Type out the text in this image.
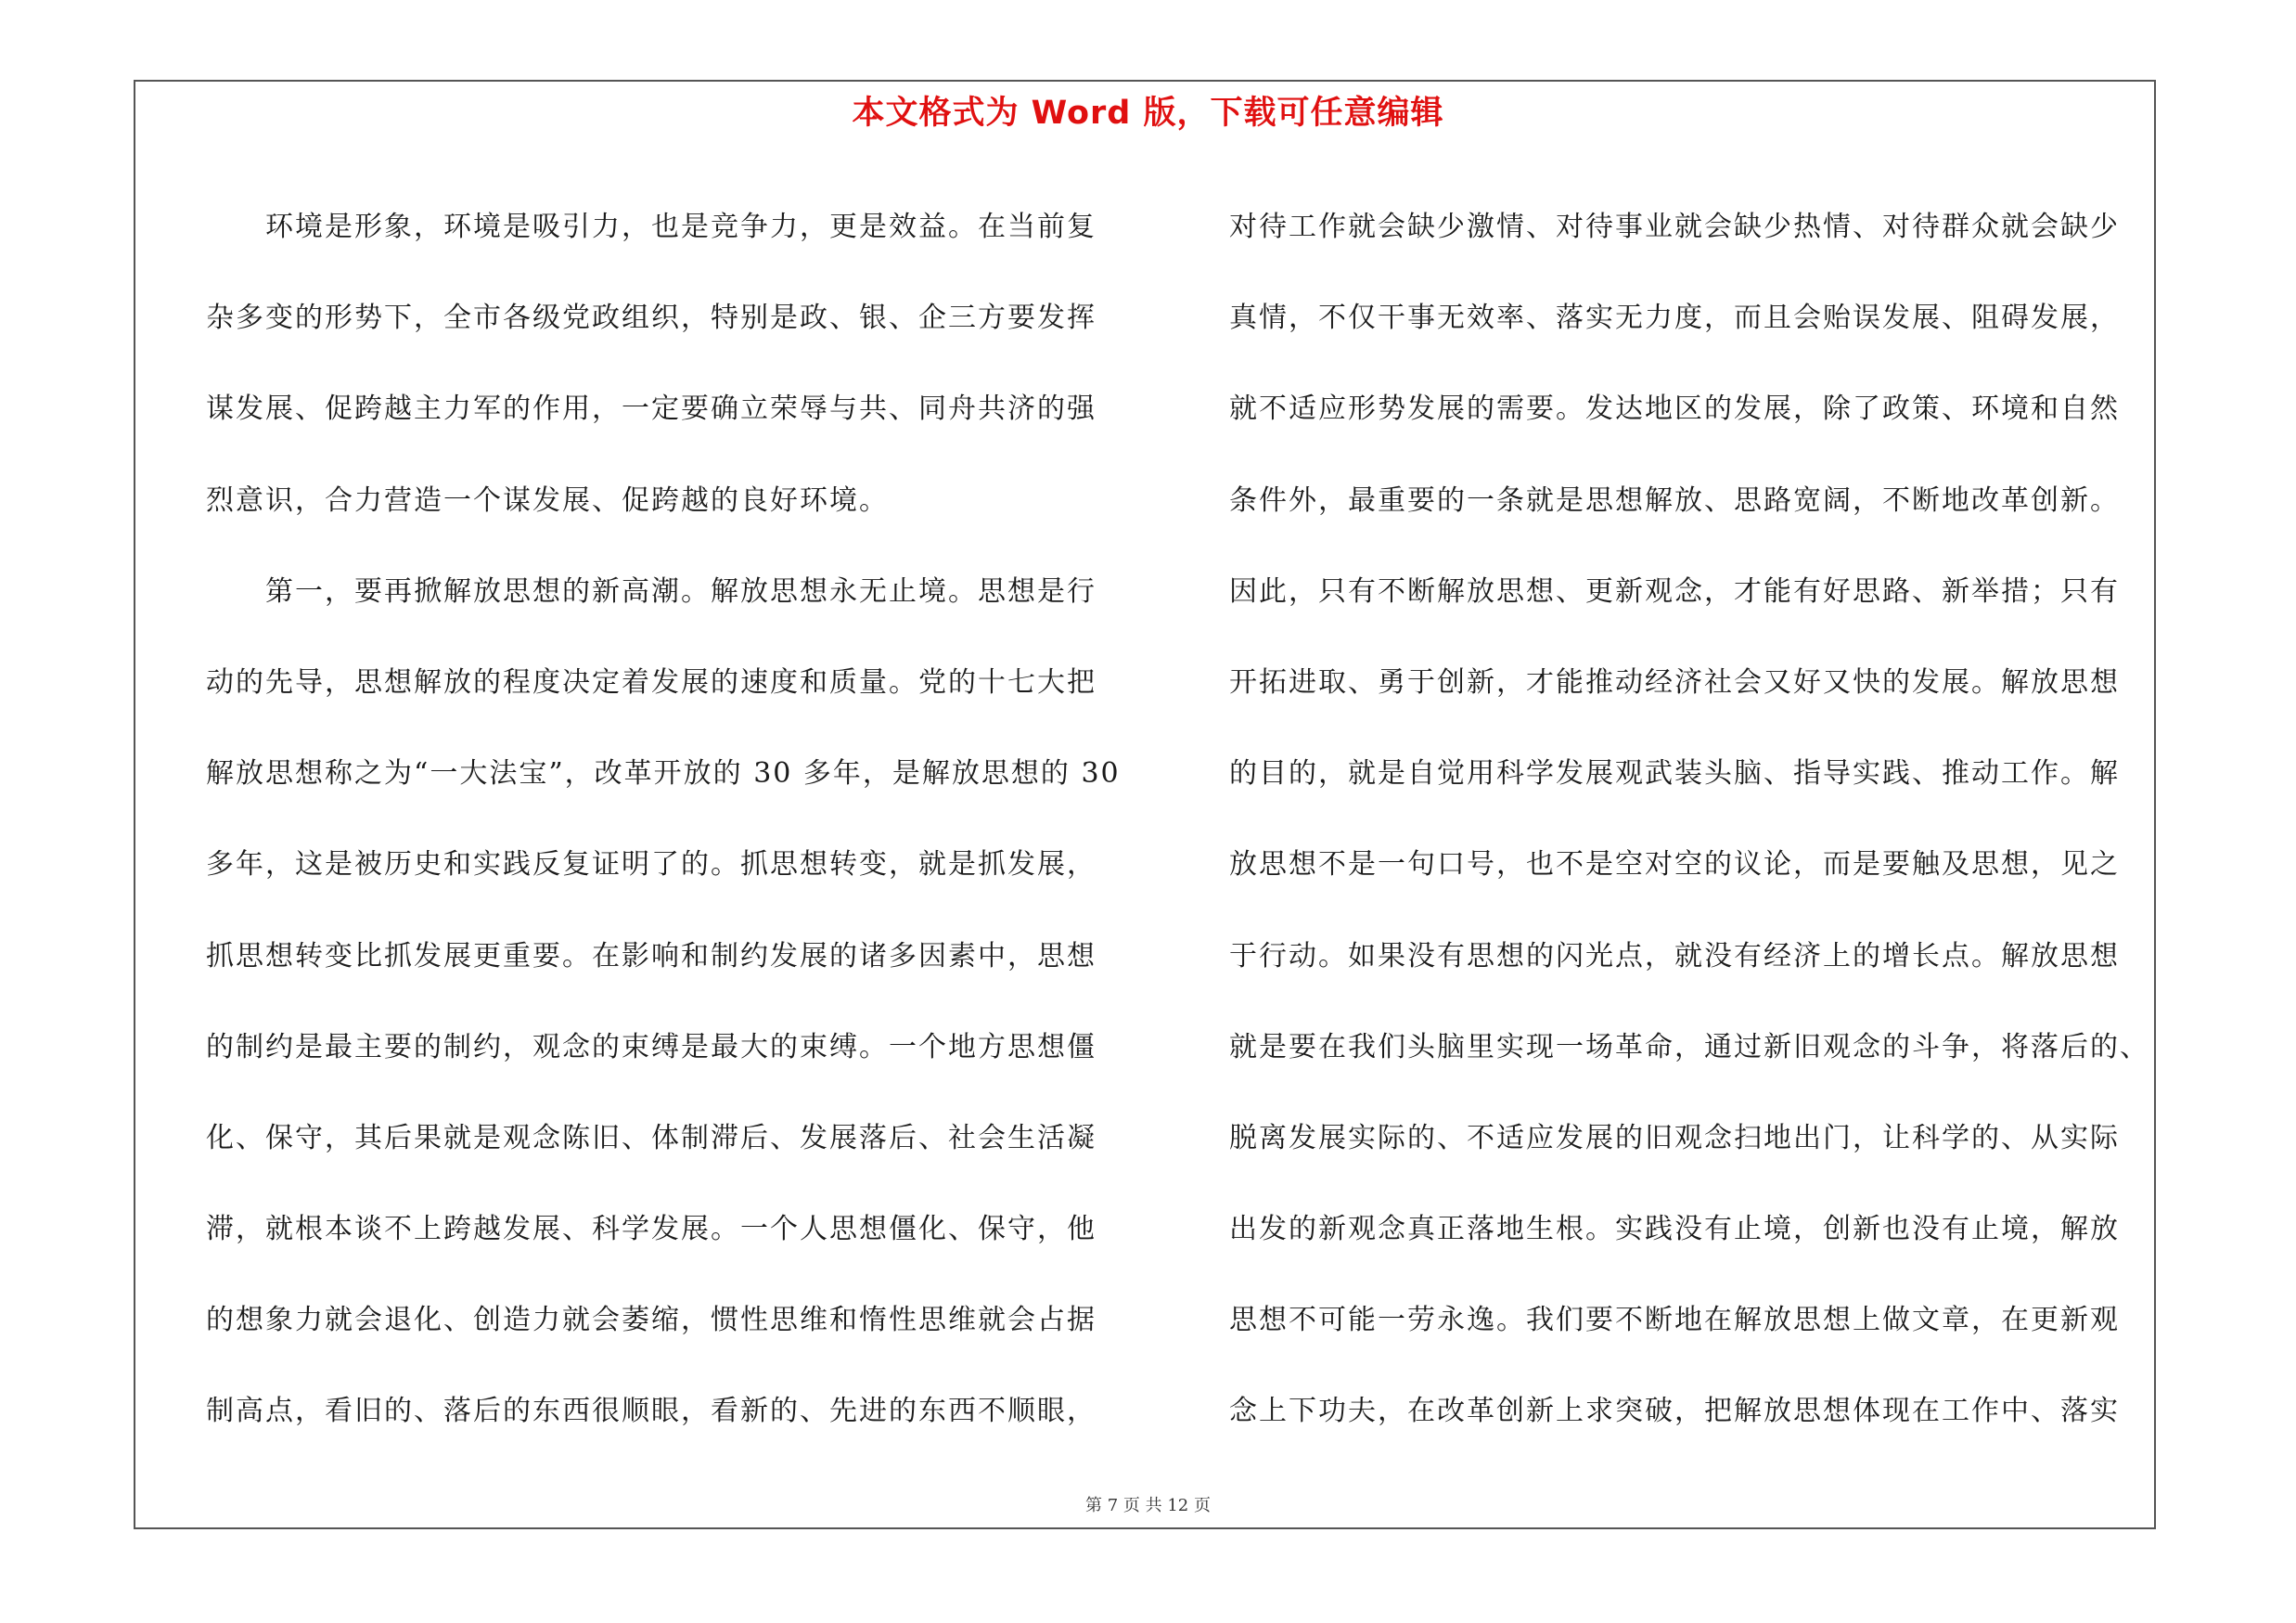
本文格式为 Word 版，下载可任意编辑
　　环境是形象，环境是吸引力，也是竞争力，更是效益。在当前复
杂多变的形势下，全市各级党政组织，特别是政、银、企三方要发挥
谋发展、促跨越主力军的作用，一定要确立荣辱与共、同舟共济的强
烈意识，合力营造一个谋发展、促跨越的良好环境。
　　第一，要再掀解放思想的新高潮。解放思想永无止境。思想是行
动的先导，思想解放的程度决定着发展的速度和质量。党的十七大把
解放思想称之为“一大法宝”，改革开放的 30 多年，是解放思想的 30
多年，这是被历史和实践反复证明了的。抓思想转变，就是抓发展，
抓思想转变比抓发展更重要。在影响和制约发展的诸多因素中，思想
的制约是最主要的制约，观念的束缚是最大的束缚。一个地方思想僵
化、保守，其后果就是观念陈旧、体制滞后、发展落后、社会生活凝
滞，就根本谈不上跨越发展、科学发展。一个人思想僵化、保守，他
的想象力就会退化、创造力就会萎缩，惯性思维和惰性思维就会占据
制高点，看旧的、落后的东西很顺眼，看新的、先进的东西不顺眼，
对待工作就会缺少激情、对待事业就会缺少热情、对待群众就会缺少
真情，不仅干事无效率、落实无力度，而且会贻误发展、阻碍发展，
就不适应形势发展的需要。发达地区的发展，除了政策、环境和自然
条件外，最重要的一条就是思想解放、思路宽阔，不断地改革创新。
因此，只有不断解放思想、更新观念，才能有好思路、新举措；只有
开拓进取、勇于创新，才能推动经济社会又好又快的发展。解放思想
的目的，就是自觉用科学发展观武装头脑、指导实践、推动工作。解
放思想不是一句口号，也不是空对空的议论，而是要触及思想，见之
于行动。如果没有思想的闪光点，就没有经济上的增长点。解放思想
就是要在我们头脑里实现一场革命，通过新旧观念的斗争，将落后的、
脱离发展实际的、不适应发展的旧观念扫地出门，让科学的、从实际
出发的新观念真正落地生根。实践没有止境，创新也没有止境，解放
思想不可能一劳永逸。我们要不断地在解放思想上做文章，在更新观
念上下功夫，在改革创新上求突破，把解放思想体现在工作中、落实
第 7 页 共 12 页
